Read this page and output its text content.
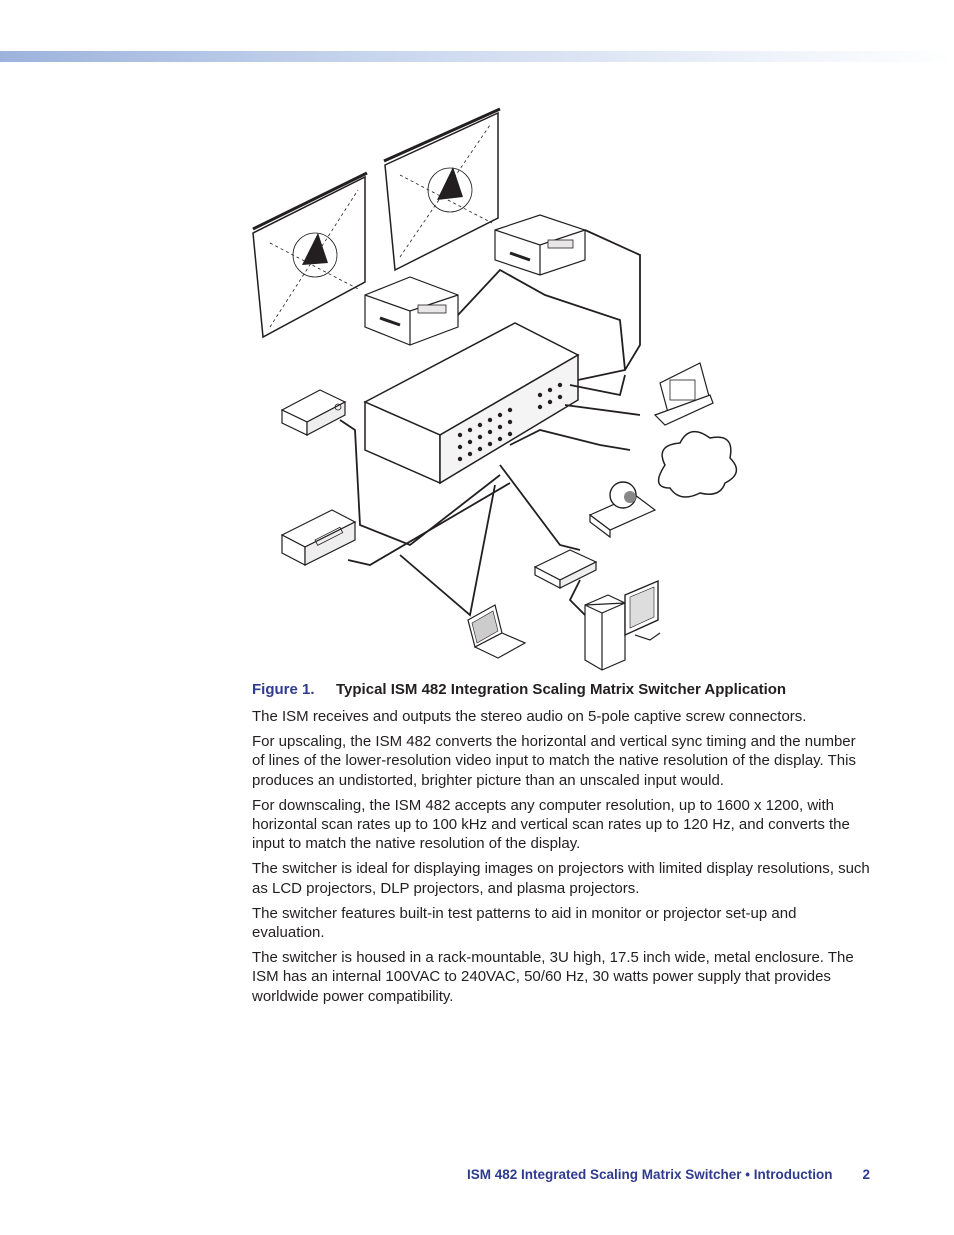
Figure 1. Typical ISM 482 Integration Scaling Matrix Switcher Application

The ISM receives and outputs the stereo audio on 5-pole captive screw connectors.

For upscaling, the ISM 482 converts the horizontal and vertical sync timing and the number of lines of the lower-resolution video input to match the native resolution of the display. This produces an undistorted, brighter picture than an unscaled input would.

For downscaling, the ISM 482 accepts any computer resolution, up to 1600 x 1200, with horizontal scan rates up to 100 kHz and vertical scan rates up to 120 Hz, and converts the input to match the native resolution of the display.

The switcher is ideal for displaying images on projectors with limited display resolutions, such as LCD projectors, DLP projectors, and plasma projectors.

The switcher features built-in test patterns to aid in monitor or projector set-up and evaluation.

The switcher is housed in a rack-mountable, 3U high, 17.5 inch wide, metal enclosure. The ISM has an internal 100VAC to 240VAC, 50/60 Hz, 30 watts power supply that provides worldwide power compatibility.

ISM 482 Integrated Scaling Matrix Switcher • Introduction 2
